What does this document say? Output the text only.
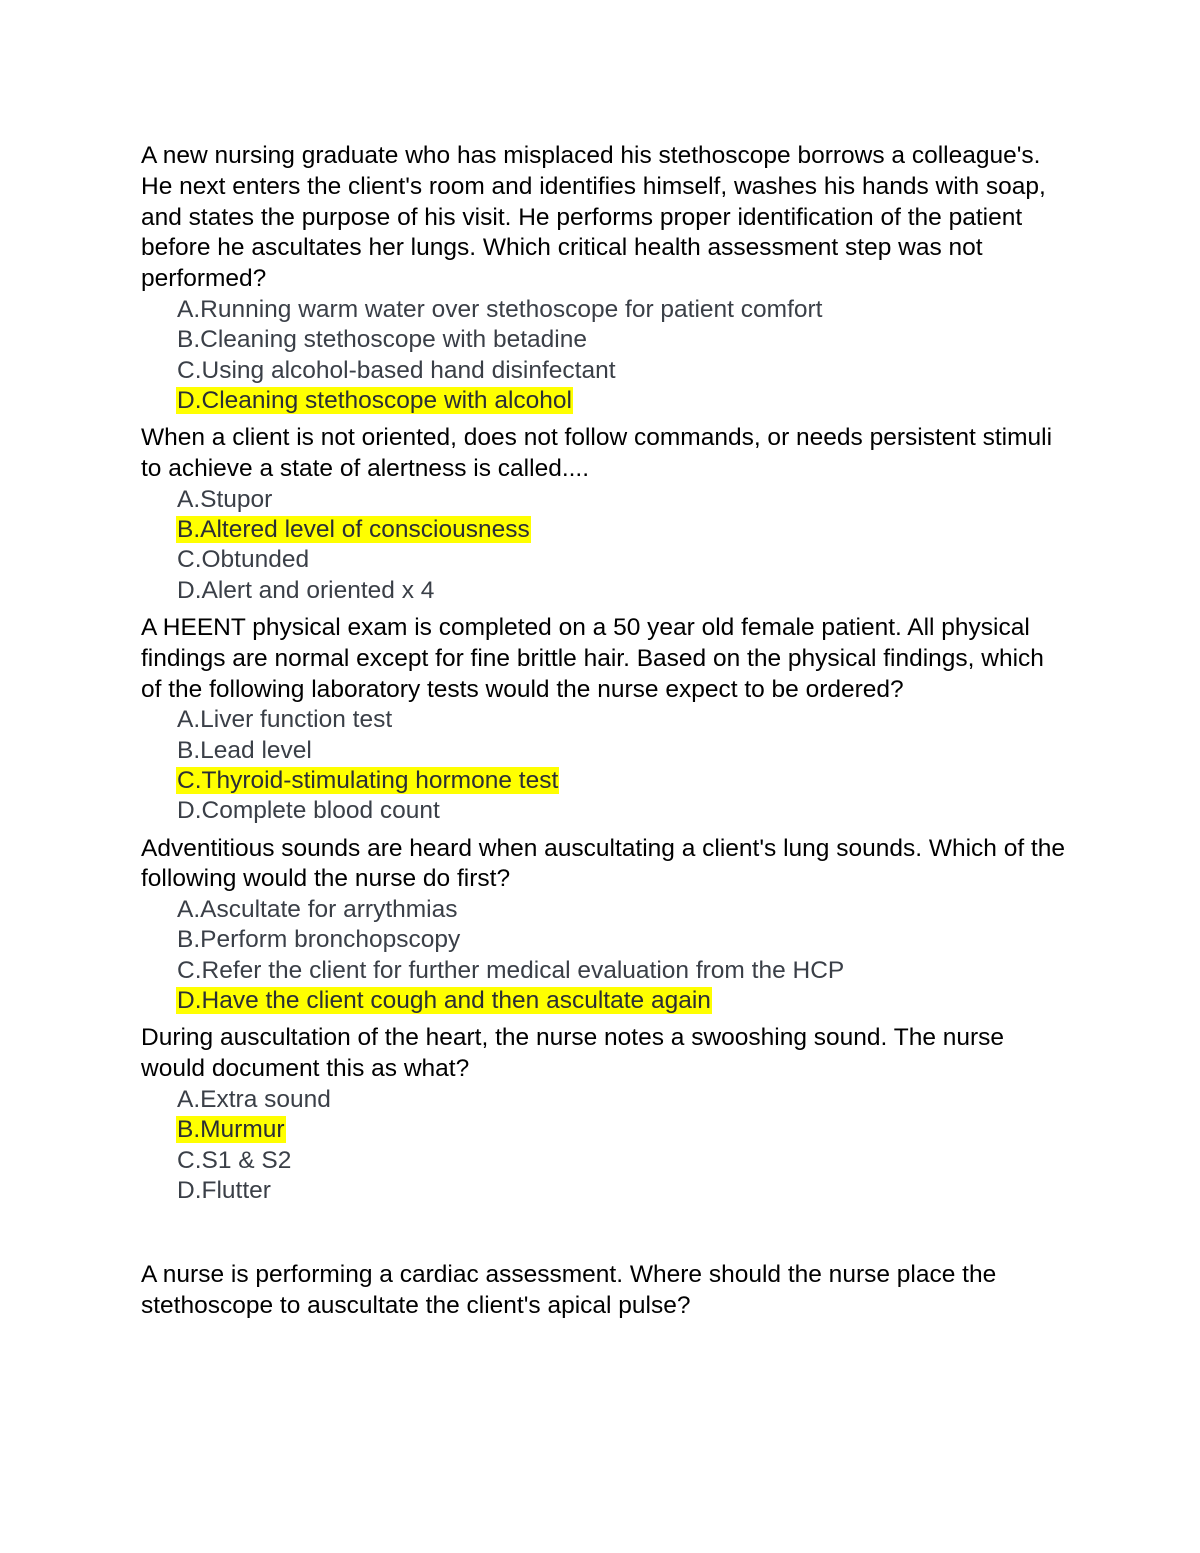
A new nursing graduate who has misplaced his stethoscope borrows a colleague's. He next enters the client's room and identifies himself, washes his hands with soap, and states the purpose of his visit. He performs proper identification of the patient before he ascultates her lungs. Which critical health assessment step was not performed?

A.Running warm water over stethoscope for patient comfort
B.Cleaning stethoscope with betadine
C.Using alcohol-based hand disinfectant
D.Cleaning stethoscope with alcohol

When a client is not oriented, does not follow commands, or needs persistent stimuli to achieve a state of alertness is called....

A.Stupor
B.Altered level of consciousness
C.Obtunded
D.Alert and oriented x 4

A HEENT physical exam is completed on a 50 year old female patient. All physical findings are normal except for fine brittle hair. Based on the physical findings, which of the following laboratory tests would the nurse expect to be ordered?

A.Liver function test
B.Lead level
C.Thyroid-stimulating hormone test
D.Complete blood count

Adventitious sounds are heard when auscultating a client's lung sounds. Which of the following would the nurse do first?

A.Ascultate for arrythmias
B.Perform bronchopscopy
C.Refer the client for further medical evaluation from the HCP
D.Have the client cough and then ascultate again

During auscultation of the heart, the nurse notes a swooshing sound. The nurse would document this as what?

A.Extra sound
B.Murmur
C.S1 & S2
D.Flutter

A nurse is performing a cardiac assessment. Where should the nurse place the stethoscope to auscultate the client's apical pulse?
